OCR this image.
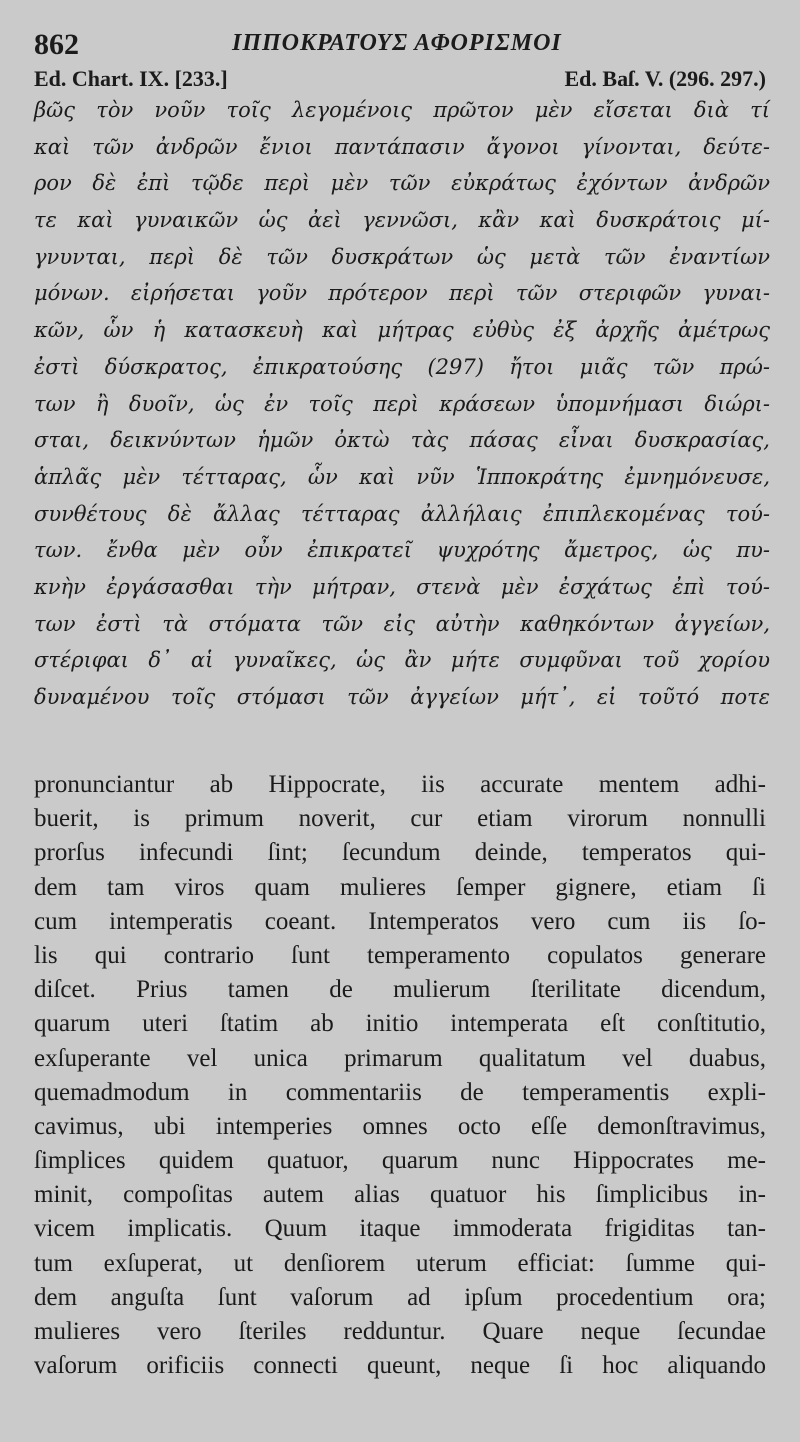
862	ΙΠΠΟΚΡΑΤΟΥΣ ΑΦΟΡΙΣΜΟΙ
Ed. Chart. IX. [233.]	Ed. Baſ. V. (296. 297.)
βῶς τὸν νοῦν τοῖς λεγομένοις πρῶτον μὲν εἴσεται διὰ τί
καὶ τῶν ἀνδρῶν ἔνιοι παντάπασιν ἄγονοι γίνονται, δεύτε-
ρον δὲ ἐπὶ τῷδε περὶ μὲν τῶν εὐκράτως ἐχόντων ἀνδρῶν
τε καὶ γυναικῶν ὡς ἀεὶ γεννῶσι, κἂν καὶ δυσκράτοις μί-
γνυνται, περὶ δὲ τῶν δυσκράτων ὡς μετὰ τῶν ἐναντίων
μόνων. εἰρήσεται γοῦν πρότερον περὶ τῶν στεριφῶν γυναι-
κῶν, ὧν ἡ κατασκευὴ καὶ μήτρας εὐθὺς ἐξ ἀρχῆς ἀμέτρως
ἐστὶ δύσκρατος, ἐπικρατούσης (297) ἤτοι μιᾶς τῶν πρώ-
των ἢ δυοῖν, ὡς ἐν τοῖς περὶ κράσεων ὑπομνήμασι διώρι-
σται, δεικνύντων ἡμῶν ὀκτὼ τὰς πάσας εἶναι δυσκρασίας,
ἁπλᾶς μὲν τέτταρας, ὧν καὶ νῦν Ἱπποκράτης ἐμνημόνευσε,
συνθέτους δὲ ἄλλας τέτταρας ἀλλήλαις ἐπιπλεκομένας τού-
των. ἔνθα μὲν οὖν ἐπικρατεῖ ψυχρότης ἄμετρος, ὡς πυ-
κνὴν ἐργάσασθαι τὴν μήτραν, στενὰ μὲν ἐσχάτως ἐπὶ τού-
των ἐστὶ τὰ στόματα τῶν εἰς αὐτὴν καθηκόντων ἀγγείων,
στέριφαι δ᾽ αἱ γυναῖκες, ὡς ἂν μήτε συμφῦναι τοῦ χορίου
δυναμένου τοῖς στόμασι τῶν ἀγγείων μήτ᾽, εἰ τοῦτό ποτε
pronunciantur ab Hippocrate, iis accurate mentem adhi-
buerit, is primum noverit, cur etiam virorum nonnulli
prorſus infecundi ſint; ſecundum deinde, temperatos qui-
dem tam viros quam mulieres ſemper gignere, etiam ſi
cum intemperatis coeant. Intemperatos vero cum iis ſo-
lis qui contrario ſunt temperamento copulatos generare
diſcet. Prius tamen de mulierum ſterilitate dicendum,
quarum uteri ſtatim ab initio intemperata eſt conſtitutio,
exſuperante vel unica primarum qualitatum vel duabus,
quemadmodum in commentariis de temperamentis expli-
cavimus, ubi intemperies omnes octo eſſe demonſtravimus,
ſimplices quidem quatuor, quarum nunc Hippocrates me-
minit, compoſitas autem alias quatuor his ſimplicibus in-
vicem implicatis. Quum itaque immoderata frigiditas tan-
tum exſuperat, ut denſiorem uterum efficiat: ſumme qui-
dem anguſta ſunt vaſorum ad ipſum procedentium ora;
mulieres vero ſteriles redduntur. Quare neque ſecundae
vaſorum orificiis connecti queunt, neque ſi hoc aliquando
